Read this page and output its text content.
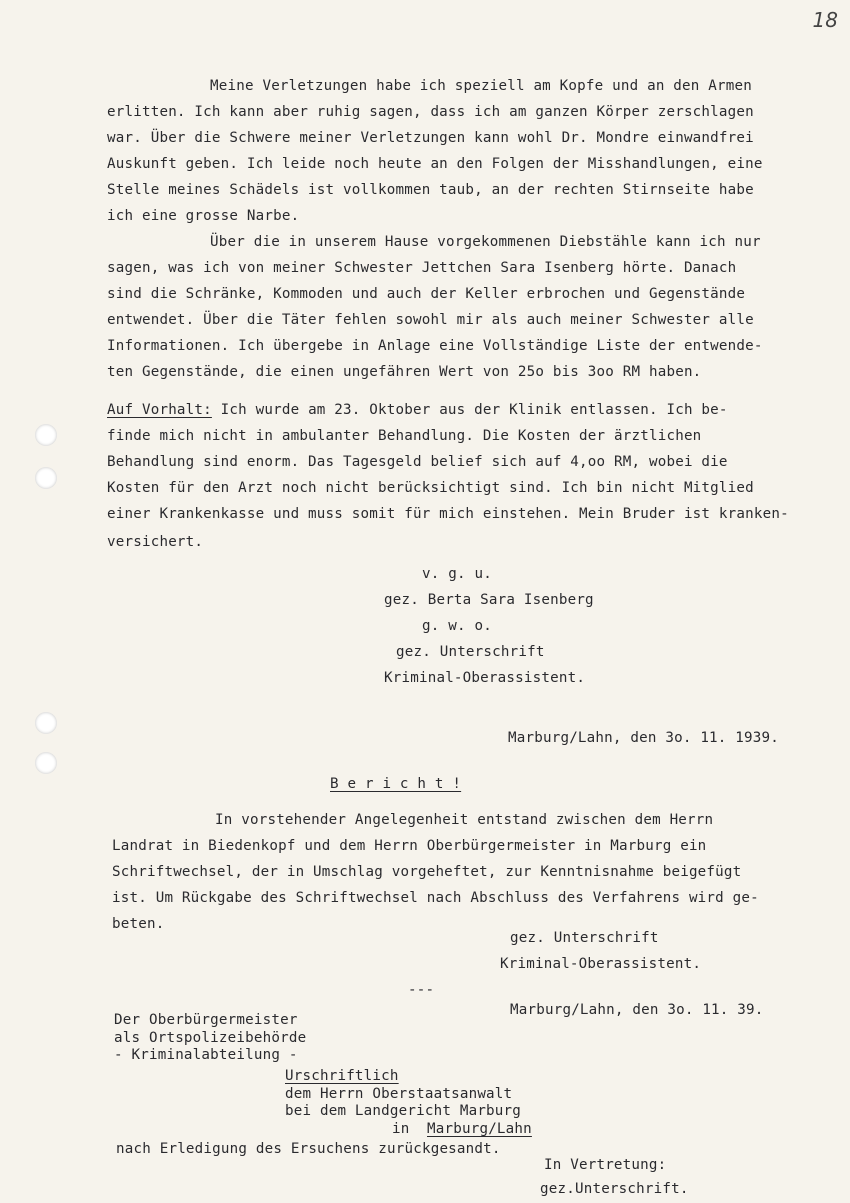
18
Meine Verletzungen habe ich speziell am Kopfe und an den Armen
erlitten. Ich kann aber ruhig sagen, dass ich am ganzen Körper zerschlagen
war. Über die Schwere meiner Verletzungen kann wohl Dr. Mondre einwandfrei
Auskunft geben. Ich leide noch heute an den Folgen der Misshandlungen, eine
Stelle meines Schädels ist vollkommen taub, an der rechten Stirnseite habe
ich eine grosse Narbe.
Über die in unserem Hause vorgekommenen Diebstähle kann ich nur
sagen, was ich von meiner Schwester Jettchen Sara Isenberg hörte. Danach
sind die Schränke, Kommoden und auch der Keller erbrochen und Gegenstände
entwendet. Über die Täter fehlen sowohl mir als auch meiner Schwester alle
Informationen. Ich übergebe in Anlage eine Vollständige Liste der entwende-
ten Gegenstände, die einen ungefähren Wert von 25o bis 3oo RM haben.
Auf Vorhalt: Ich wurde am 23. Oktober aus der Klinik entlassen. Ich be-
finde mich nicht in ambulanter Behandlung. Die Kosten der ärztlichen
Behandlung sind enorm. Das Tagesgeld belief sich auf 4,oo RM, wobei die
Kosten für den Arzt noch nicht berücksichtigt sind. Ich bin nicht Mitglied
einer Krankenkasse und muss somit für mich einstehen. Mein Bruder ist kranken-
versichert.
v. g. u.
gez. Berta Sara Isenberg
g. w. o.
gez. Unterschrift
Kriminal-Oberassistent.
Marburg/Lahn, den 3o. 11. 1939.
B e r i c h t !
In vorstehender Angelegenheit entstand zwischen dem Herrn
Landrat in Biedenkopf und dem Herrn Oberbürgermeister in Marburg ein
Schriftwechsel, der in Umschlag vorgeheftet, zur Kenntnisnahme beigefügt
ist. Um Rückgabe des Schriftwechsel nach Abschluss des Verfahrens wird ge-
beten.
gez. Unterschrift
Kriminal-Oberassistent.
---
Marburg/Lahn, den 3o. 11. 39.
Der Oberbürgermeister
als Ortspolizeibehörde
- Kriminalabteilung -
Urschriftlich
dem Herrn Oberstaatsanwalt
bei dem Landgericht Marburg
in Marburg/Lahn
nach Erledigung des Ersuchens zurückgesandt.
In Vertretung:
gez.Unterschrift.
